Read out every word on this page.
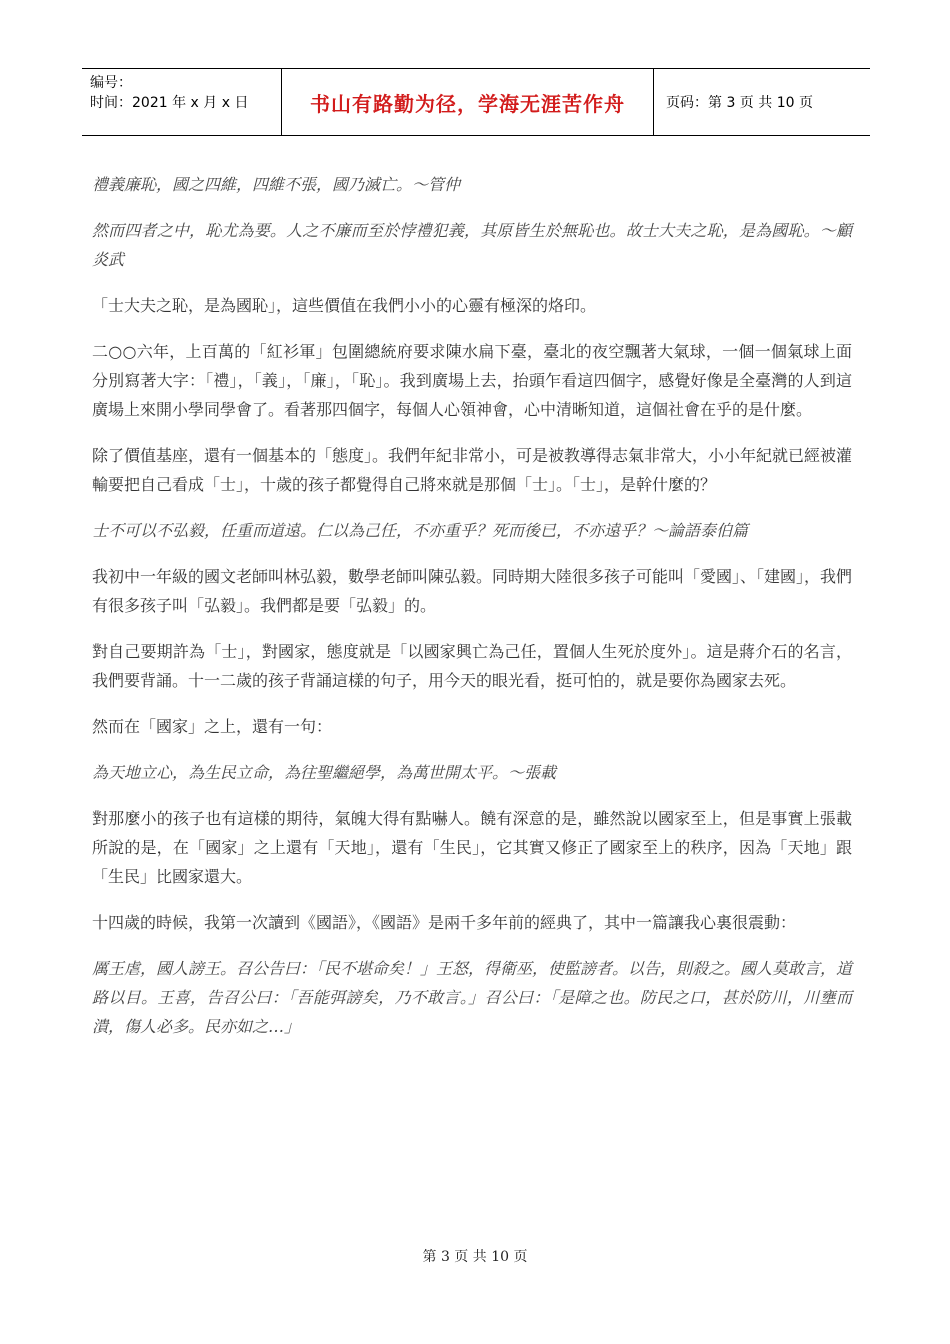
编号：
时间：2021 年 x 月 x 日	书山有路勤为径，学海无涯苦作舟	页码：第 3 页 共 10 页

禮義廉恥，國之四維，四維不張，國乃滅亡。～管仲

然而四者之中，恥尤為要。人之不廉而至於悖禮犯義，其原皆生於無恥也。故士大夫之恥，是為國恥。～顧炎武

「士大夫之恥，是為國恥」，這些價值在我們小小的心靈有極深的烙印。

二○○六年，上百萬的「紅衫軍」包圍總統府要求陳水扁下臺，臺北的夜空飄著大氣球，一個一個氣球上面分別寫著大字：「禮」，「義」，「廉」，「恥」。我到廣場上去，抬頭乍看這四個字，感覺好像是全臺灣的人到這廣場上來開小學同學會了。看著那四個字，每個人心領神會，心中清晰知道，這個社會在乎的是什麼。

除了價值基座，還有一個基本的「態度」。我們年紀非常小，可是被教導得志氣非常大，小小年紀就已經被灌輸要把自己看成「士」，十歲的孩子都覺得自己將來就是那個「士」。「士」，是幹什麼的？

士不可以不弘毅，任重而道遠。仁以為己任，不亦重乎？死而後已，不亦遠乎？～論語泰伯篇

我初中一年級的國文老師叫林弘毅，數學老師叫陳弘毅。同時期大陸很多孩子可能叫「愛國」、「建國」，我們有很多孩子叫「弘毅」。我們都是要「弘毅」的。

對自己要期許為「士」，對國家，態度就是「以國家興亡為己任，置個人生死於度外」。這是蔣介石的名言，我們要背誦。十一二歲的孩子背誦這樣的句子，用今天的眼光看，挺可怕的，就是要你為國家去死。

然而在「國家」之上，還有一句：

為天地立心，為生民立命，為往聖繼絕學，為萬世開太平。～張載

對那麼小的孩子也有這樣的期待，氣魄大得有點嚇人。饒有深意的是，雖然說以國家至上，但是事實上張載所說的是，在「國家」之上還有「天地」，還有「生民」，它其實又修正了國家至上的秩序，因為「天地」跟「生民」比國家還大。

十四歲的時候，我第一次讀到《國語》，《國語》是兩千多年前的經典了，其中一篇讓我心裏很震動：

厲王虐，國人謗王。召公告曰：「民不堪命矣！」王怒，得衛巫，使監謗者。以告，則殺之。國人莫敢言，道路以目。王喜，告召公曰：「吾能弭謗矣，乃不敢言。」召公曰：「是障之也。防民之口，甚於防川，川壅而潰，傷人必多。民亦如之…」

第 3 页 共 10 页
